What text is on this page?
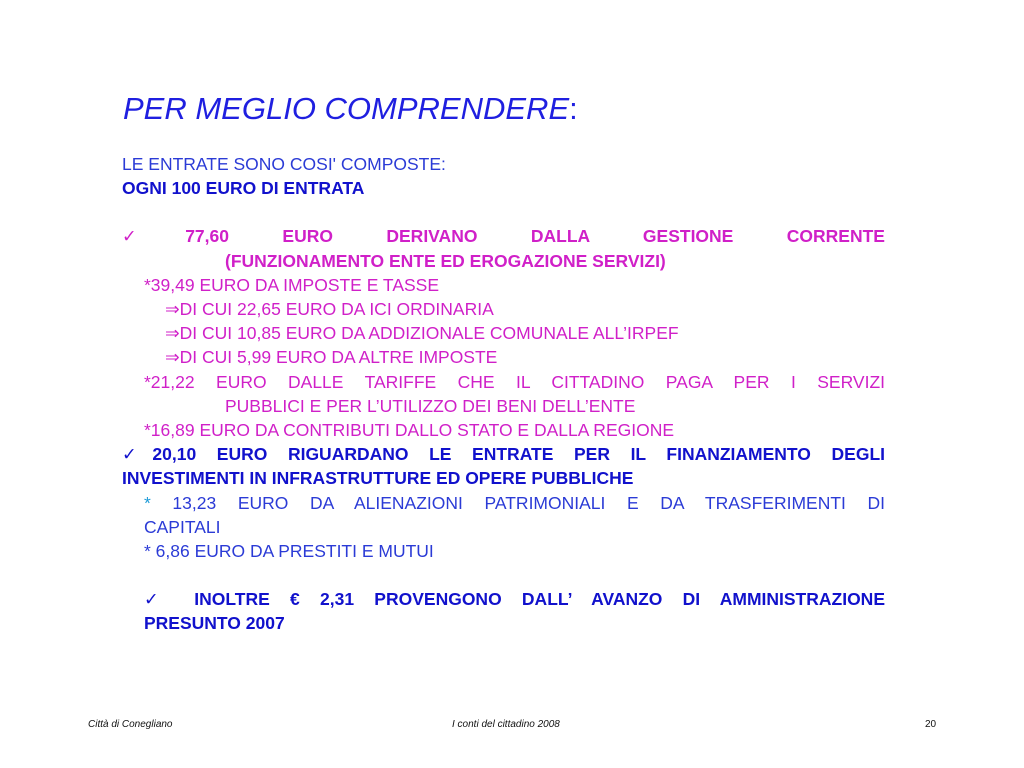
PER MEGLIO COMPRENDERE:
LE ENTRATE SONO COSI' COMPOSTE:
OGNI 100 EURO DI ENTRATA
✓77,60	EURO	DERIVANO	DALLA	GESTIONE	CORRENTE
(FUNZIONAMENTO ENTE ED EROGAZIONE SERVIZI)
*39,49 EURO DA IMPOSTE E TASSE
⇒DI CUI 22,65 EURO DA ICI ORDINARIA
⇒DI CUI 10,85 EURO DA ADDIZIONALE COMUNALE ALL’IRPEF
⇒DI CUI 5,99 EURO DA ALTRE IMPOSTE
*21,22 EURO DALLE TARIFFE CHE IL CITTADINO PAGA PER I SERVIZI
PUBBLICI E PER L’UTILIZZO DEI BENI DELL’ENTE
*16,89 EURO DA CONTRIBUTI DALLO STATO E DALLA REGIONE
✓20,10 EURO RIGUARDANO LE ENTRATE PER IL FINANZIAMENTO DEGLI
INVESTIMENTI IN INFRASTRUTTURE ED OPERE PUBBLICHE
* 13,23 EURO DA ALIENAZIONI PATRIMONIALI E DA TRASFERIMENTI DI
CAPITALI
* 6,86 EURO DA PRESTITI E MUTUI
✓ INOLTRE € 2,31 PROVENGONO DALL’ AVANZO DI AMMINISTRAZIONE
PRESUNTO 2007
Città di Conegliano	I conti del cittadino 2008	20
